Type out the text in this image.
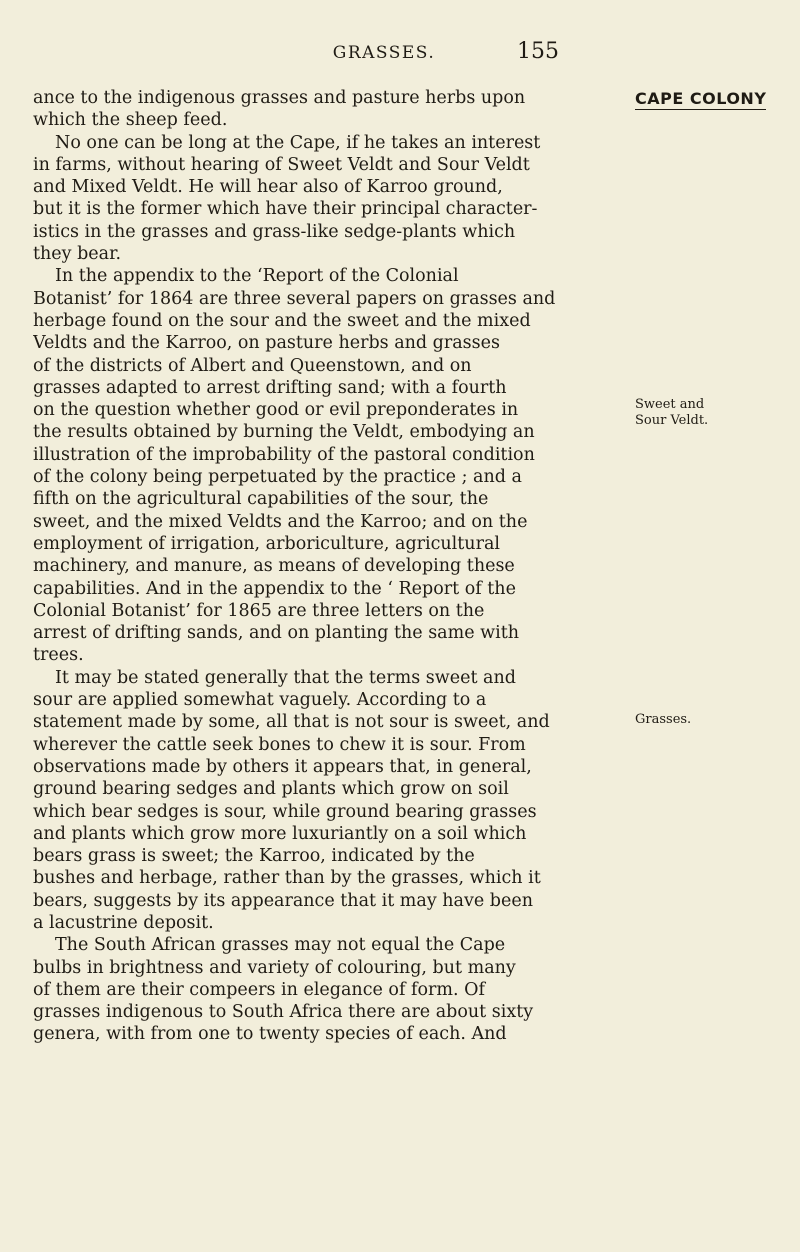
GRASSES.	155
ance to the indigenous grasses and pasture herbs upon
which the sheep feed.
No one can be long at the Cape, if he takes an interest
in farms, without hearing of Sweet Veldt and Sour Veldt
and Mixed Veldt. He will hear also of Karroo ground,
but it is the former which have their principal character-
istics in the grasses and grass-like sedge-plants which
they bear.
In the appendix to the ‘Report of the Colonial
Botanist’ for 1864 are three several papers on grasses and
herbage found on the sour and the sweet and the mixed
Veldts and the Karroo, on pasture herbs and grasses
of the districts of Albert and Queenstown, and on
grasses adapted to arrest drifting sand; with a fourth
on the question whether good or evil preponderates in
the results obtained by burning the Veldt, embodying an
illustration of the improbability of the pastoral condition
of the colony being perpetuated by the practice ; and a
fifth on the agricultural capabilities of the sour, the
sweet, and the mixed Veldts and the Karroo; and on the
employment of irrigation, arboriculture, agricultural
machinery, and manure, as means of developing these
capabilities. And in the appendix to the ‘ Report of the
Colonial Botanist’ for 1865 are three letters on the
arrest of drifting sands, and on planting the same with
trees.
It may be stated generally that the terms sweet and
sour are applied somewhat vaguely. According to a
statement made by some, all that is not sour is sweet, and
wherever the cattle seek bones to chew it is sour. From
observations made by others it appears that, in general,
ground bearing sedges and plants which grow on soil
which bear sedges is sour, while ground bearing grasses
and plants which grow more luxuriantly on a soil which
bears grass is sweet; the Karroo, indicated by the
bushes and herbage, rather than by the grasses, which it
bears, suggests by its appearance that it may have been
a lacustrine deposit.
The South African grasses may not equal the Cape
bulbs in brightness and variety of colouring, but many
of them are their compeers in elegance of form. Of
grasses indigenous to South Africa there are about sixty
genera, with from one to twenty species of each. And
CAPE COLONY
Sweet and
Sour Veldt.
Grasses.
